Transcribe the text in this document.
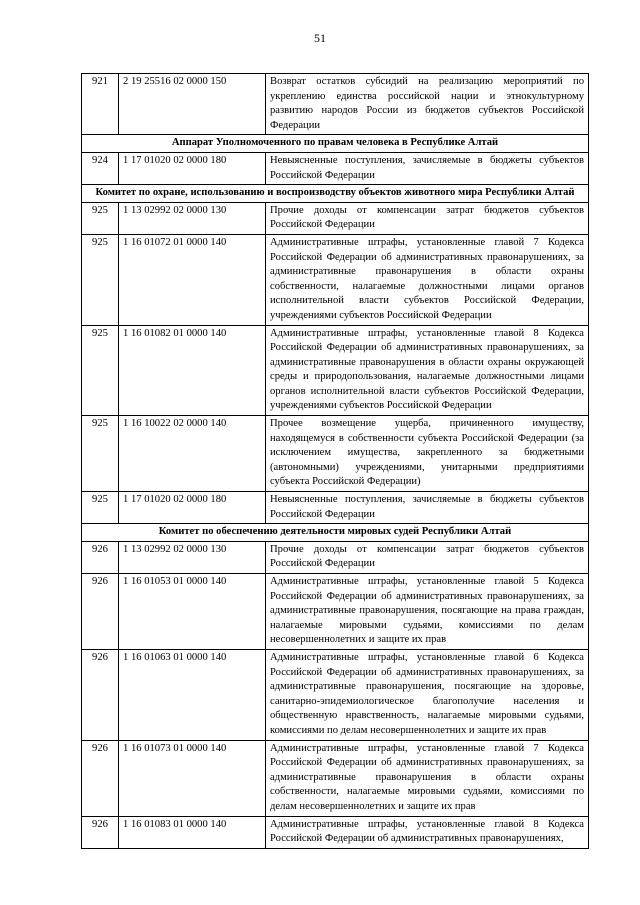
51
921	2 19 25516 02 0000 150	Возврат остатков субсидий на реализацию мероприятий по укреплению единства российской нации и этнокультурному развитию народов России из бюджетов субъектов Российской Федерации
Аппарат Уполномоченного по правам человека в Республике Алтай		
924	1 17 01020 02 0000 180	Невыясненные поступления, зачисляемые в бюджеты субъектов Российской Федерации
Комитет по охране, использованию и воспроизводству объектов животного мира Республики Алтай		
925	1 13 02992 02 0000 130	Прочие доходы от компенсации затрат бюджетов субъектов Российской Федерации
925	1 16 01072 01 0000 140	Административные штрафы, установленные главой 7 Кодекса Российской Федерации об административных правонарушениях, за административные правонарушения в области охраны собственности, налагаемые должностными лицами органов исполнительной власти субъектов Российской Федерации, учреждениями субъектов Российской Федерации
925	1 16 01082 01 0000 140	Административные штрафы, установленные главой 8 Кодекса Российской Федерации об административных правонарушениях, за административные правонарушения в области охраны окружающей среды и природопользования, налагаемые должностными лицами органов исполнительной власти субъектов Российской Федерации, учреждениями субъектов Российской Федерации
925	1 16 10022 02 0000 140	Прочее возмещение ущерба, причиненного имуществу, находящемуся в собственности субъекта Российской Федерации (за исключением имущества, закрепленного за бюджетными (автономными) учреждениями, унитарными предприятиями субъекта Российской Федерации)
925	1 17 01020 02 0000 180	Невыясненные поступления, зачисляемые в бюджеты субъектов Российской Федерации
Комитет по обеспечению деятельности мировых судей Республики Алтай		
926	1 13 02992 02 0000 130	Прочие доходы от компенсации затрат бюджетов субъектов Российской Федерации
926	1 16 01053 01 0000 140	Административные штрафы, установленные главой 5 Кодекса Российской Федерации об административных правонарушениях, за административные правонарушения, посягающие на права граждан, налагаемые мировыми судьями, комиссиями по делам несовершеннолетних и защите их прав
926	1 16 01063 01 0000 140	Административные штрафы, установленные главой 6 Кодекса Российской Федерации об административных правонарушениях, за административные правонарушения, посягающие на здоровье, санитарно-эпидемиологическое благополучие населения и общественную нравственность, налагаемые мировыми судьями, комиссиями по делам несовершеннолетних и защите их прав
926	1 16 01073 01 0000 140	Административные штрафы, установленные главой 7 Кодекса Российской Федерации об административных правонарушениях, за административные правонарушения в области охраны собственности, налагаемые мировыми судьями, комиссиями по делам несовершеннолетних и защите их прав
926	1 16 01083 01 0000 140	Административные штрафы, установленные главой 8 Кодекса Российской Федерации об административных правонарушениях,
